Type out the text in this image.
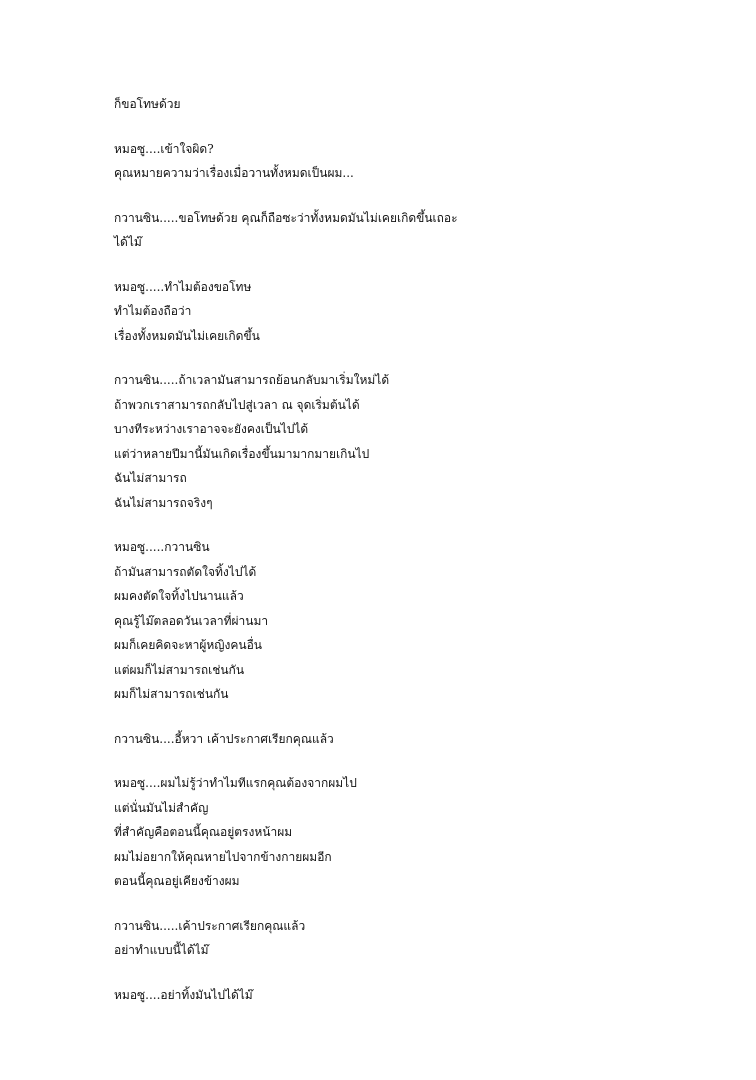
ก็ขอโทษด้วย
หมอซู....เข้าใจผิด?
คุณหมายความว่าเรื่องเมื่อวานทั้งหมดเป็นผม...
กวานซิน.....ขอโทษด้วย คุณก็ถือซะว่าทั้งหมดมันไม่เคยเกิดขึ้นเถอะ
ได้ไม๊
หมอซู.....ทำไมต้องขอโทษ
ทำไมต้องถือว่า
เรื่องทั้งหมดมันไม่เคยเกิดขึ้น
กวานซิน.....ถ้าเวลามันสามารถย้อนกลับมาเริ่มใหม่ได้
ถ้าพวกเราสามารถกลับไปสู่เวลา ณ จุดเริ่มต้นได้
บางทีระหว่างเราอาจจะยังคงเป็นไปได้
แต่ว่าหลายปีมานี้มันเกิดเรื่องขึ้นมามากมายเกินไป
ฉันไม่สามารถ
ฉันไม่สามารถจริงๆ
หมอซู.....กวานซิน
ถ้ามันสามารถตัดใจทิ้งไปได้
ผมคงตัดใจทิ้งไปนานแล้ว
คุณรู้ไม๊ตลอดวันเวลาที่ผ่านมา
ผมก็เคยคิดจะหาผู้หญิงคนอื่น
แต่ผมก็ไม่สามารถเช่นกัน
ผมก็ไม่สามารถเช่นกัน
กวานซิน....อี้หวา เค้าประกาศเรียกคุณแล้ว
หมอซู....ผมไม่รู้ว่าทำไมทีแรกคุณต้องจากผมไป
แต่นั่นมันไม่สำคัญ
ที่สำคัญคือตอนนี้คุณอยู่ตรงหน้าผม
ผมไม่อยากให้คุณหายไปจากข้างกายผมอีก
ตอนนี้คุณอยู่เคียงข้างผม
กวานซิน.....เค้าประกาศเรียกคุณแล้ว
อย่าทำแบบนี้ได้ไม๊
หมอซู....อย่าทิ้งมันไปได้ไม๊
